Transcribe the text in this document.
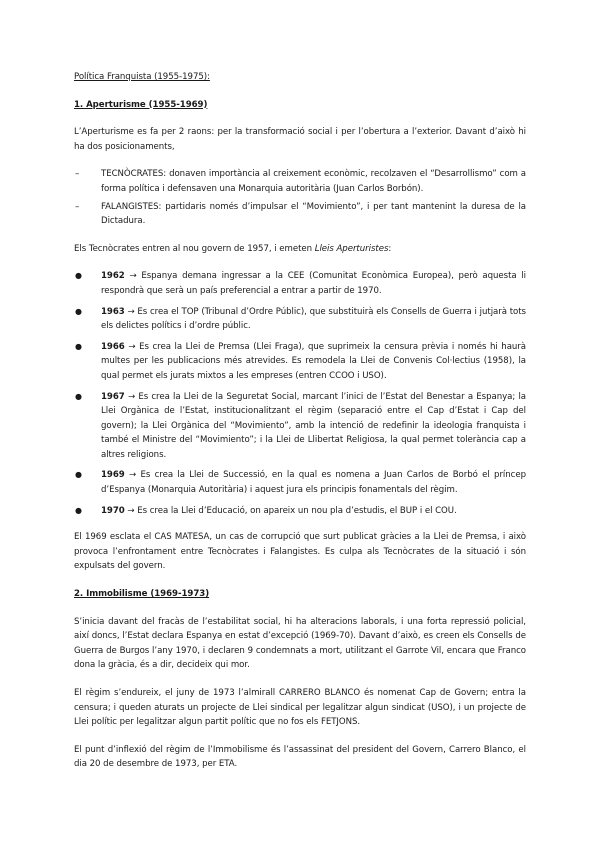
Política Franquista (1955-1975):

1. Aperturisme (1955-1969)

L’Aperturisme es fa per 2 raons: per la transformació social i per l’obertura a l’exterior. Davant d’això hi ha dos posicionaments,

– TECNÒCRATES: donaven importància al creixement econòmic, recolzaven el “Desarrollismo” com a forma política i defensaven una Monarquia autoritària (Juan Carlos Borbón).
– FALANGISTES: partidaris només d’impulsar el “Movimiento”, i per tant mantenint la duresa de la Dictadura.

Els Tecnòcrates entren al nou govern de 1957, i emeten Lleis Aperturistes:

● 1962 → Espanya demana ingressar a la CEE (Comunitat Econòmica Europea), però aquesta li respondrà que serà un país preferencial a entrar a partir de 1970.
● 1963 → Es crea el TOP (Tribunal d’Ordre Públic), que substituirà els Consells de Guerra i jutjarà tots els delictes polítics i d’ordre públic.
● 1966 → Es crea la Llei de Premsa (Llei Fraga), que suprimeix la censura prèvia i només hi haurà multes per les publicacions més atrevides. Es remodela la Llei de Convenis Col·lectius (1958), la qual permet els jurats mixtos a les empreses (entren CCOO i USO).
● 1967 → Es crea la Llei de la Seguretat Social, marcant l’inici de l’Estat del Benestar a Espanya; la Llei Orgànica de l’Estat, institucionalitzant el règim (separació entre el Cap d’Estat i Cap del govern); la Llei Orgànica del “Movimiento”, amb la intenció de redefinir la ideologia franquista i també el Ministre del “Movimiento”; i la Llei de Llibertat Religiosa, la qual permet tolerància cap a altres religions.
● 1969 → Es crea la Llei de Successió, en la qual es nomena a Juan Carlos de Borbó el príncep d’Espanya (Monarquia Autoritària) i aquest jura els principis fonamentals del règim.
● 1970 → Es crea la Llei d’Educació, on apareix un nou pla d’estudis, el BUP i el COU.

El 1969 esclata el CAS MATESA, un cas de corrupció que surt publicat gràcies a la Llei de Premsa, i això provoca l’enfrontament entre Tecnòcrates i Falangistes. Es culpa als Tecnòcrates de la situació i són expulsats del govern.

2. Immobilisme (1969-1973)

S’inicia davant del fracàs de l’estabilitat social, hi ha alteracions laborals, i una forta repressió policial, així doncs, l’Estat declara Espanya en estat d’excepció (1969-70). Davant d’això, es creen els Consells de Guerra de Burgos l’any 1970, i declaren 9 condemnats a mort, utilitzant el Garrote Vil, encara que Franco dona la gràcia, és a dir, decideix qui mor.

El règim s’endureix, el juny de 1973 l’almirall CARRERO BLANCO és nomenat Cap de Govern; entra la censura; i queden aturats un projecte de Llei sindical per legalitzar algun sindicat (USO), i un projecte de Llei polític per legalitzar algun partit polític que no fos els FETJONS.

El punt d’inflexió del règim de l’Immobilisme és l’assassinat del president del Govern, Carrero Blanco, el dia 20 de desembre de 1973, per ETA.
